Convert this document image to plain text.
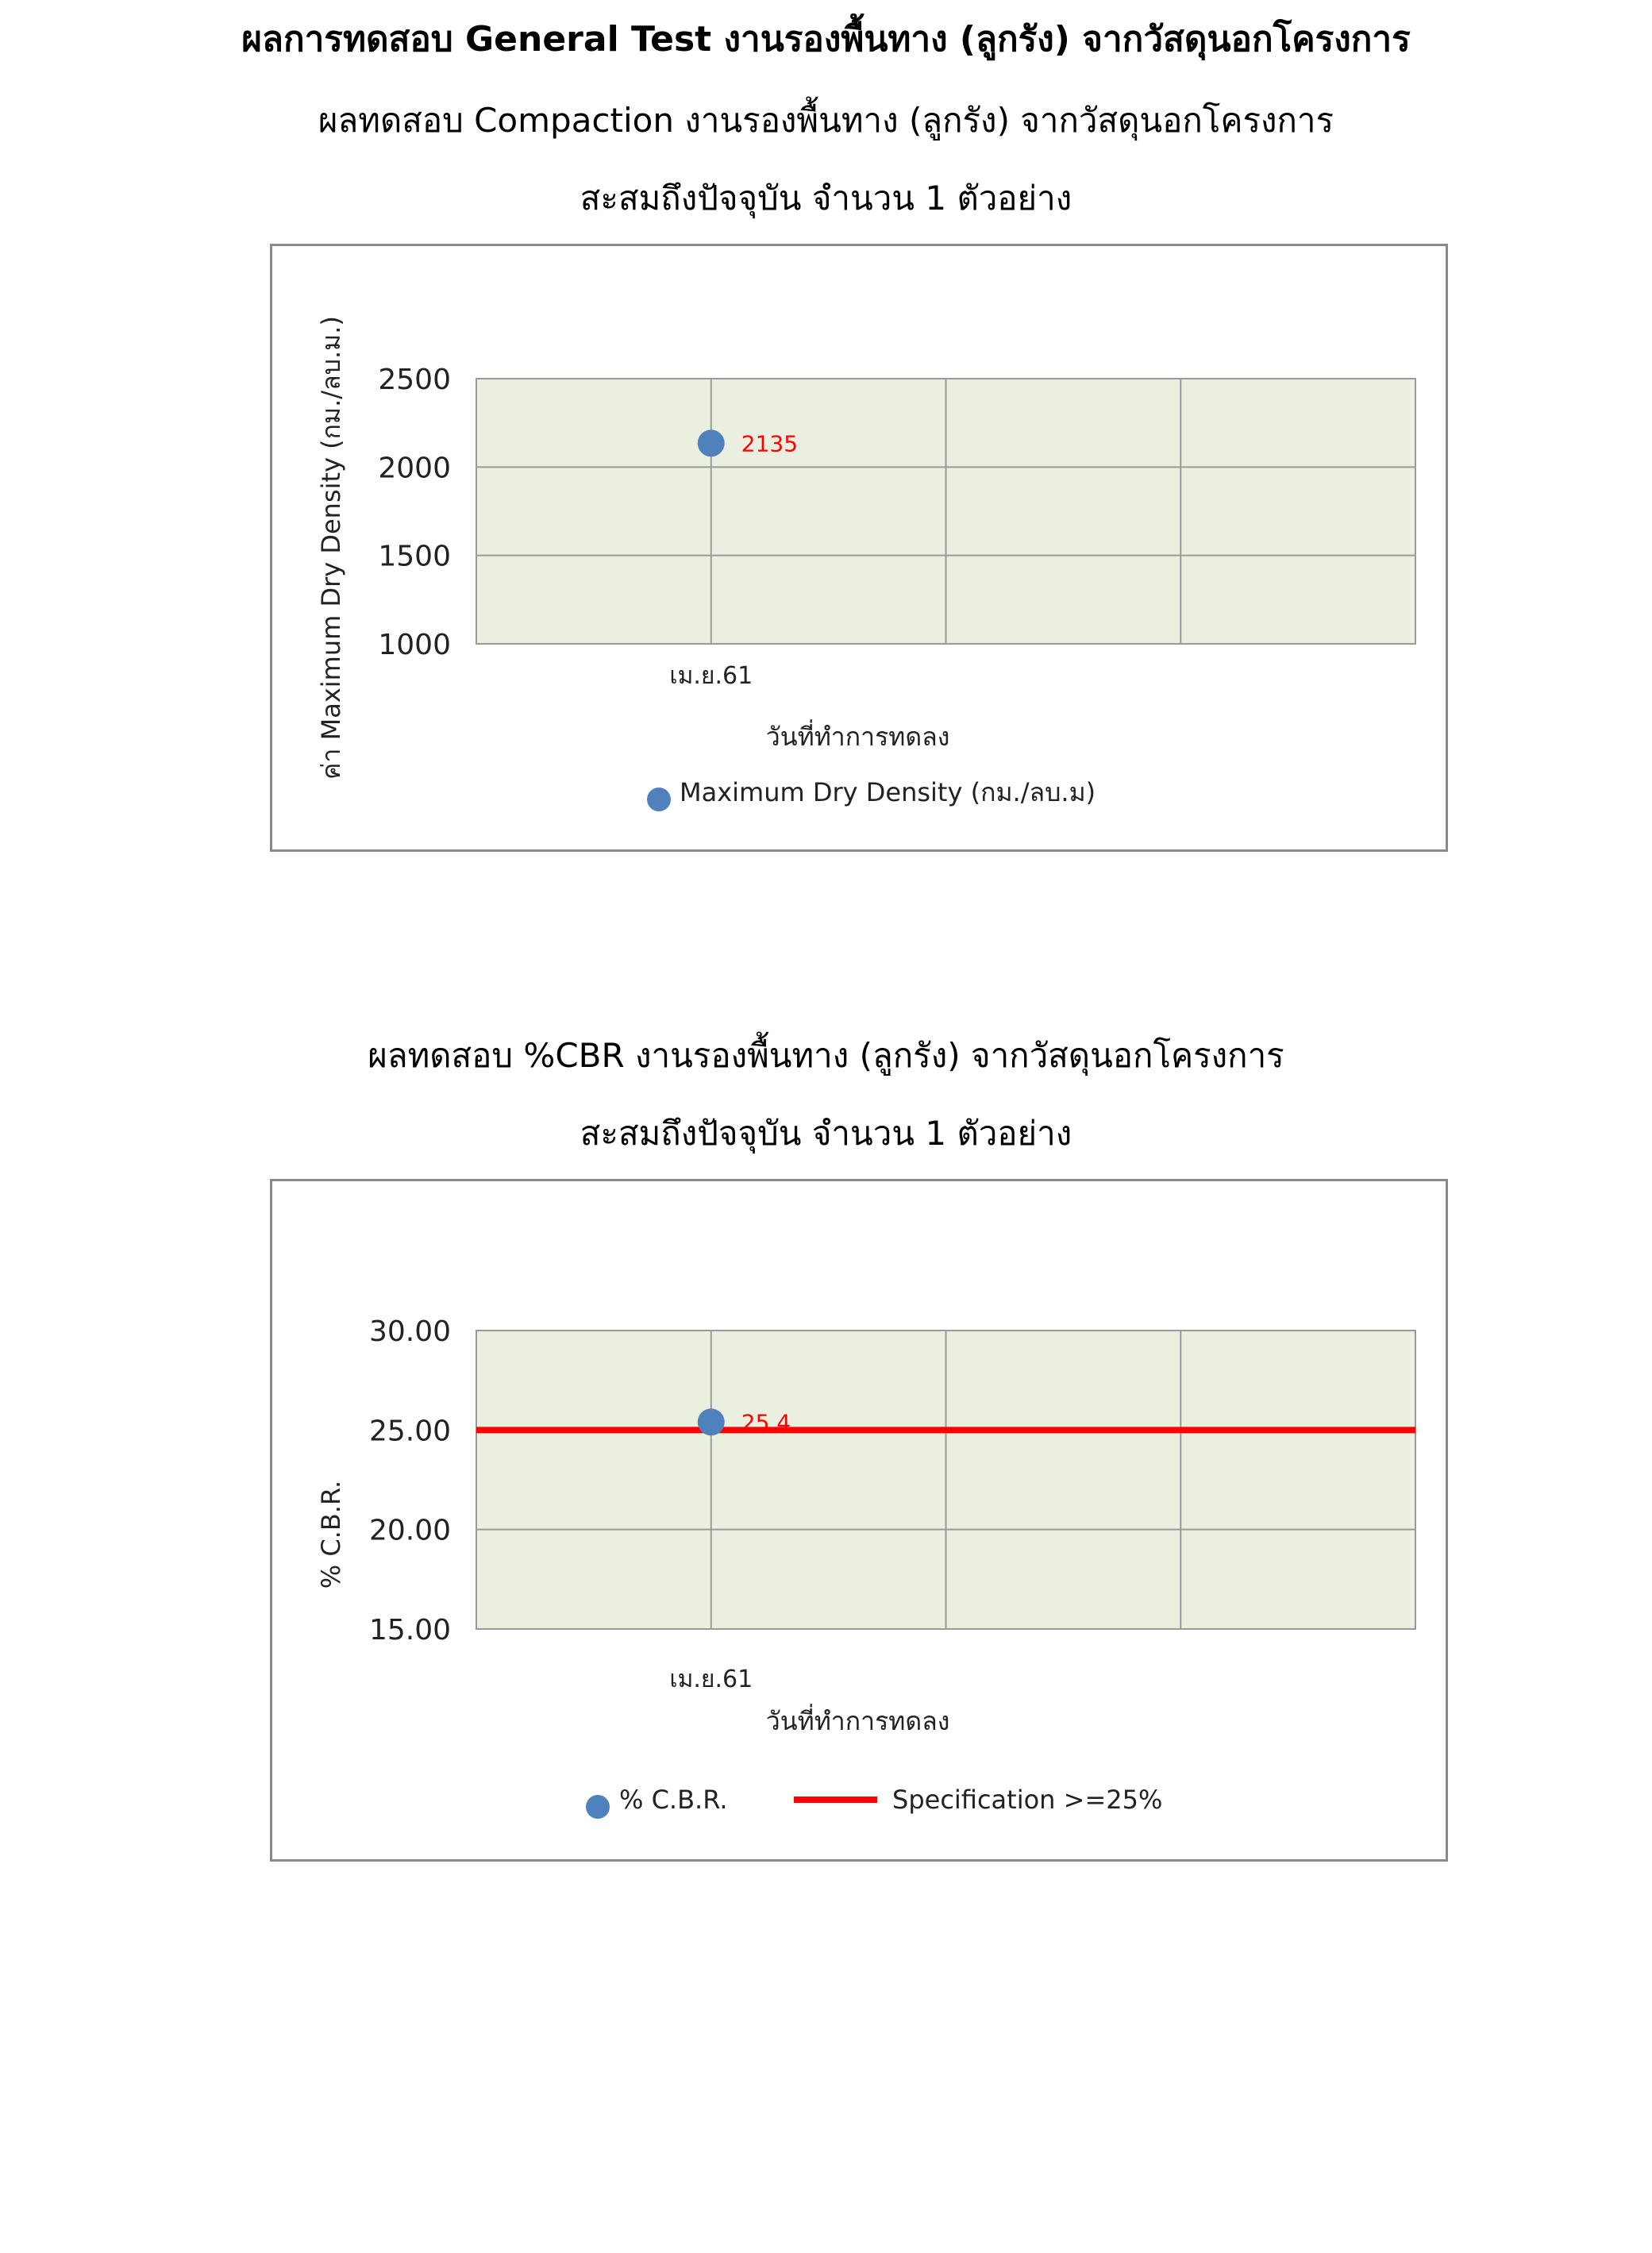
ผลการทดสอบ General Test งานรองพื้นทาง (ลูกรัง) จากวัสดุนอกโครงการ
ผลทดสอบ Compaction งานรองพื้นทาง (ลูกรัง) จากวัสดุนอกโครงการ
สะสมถึงปัจจุบัน จำนวน 1 ตัวอย่าง
2500
2000
1500
1000
ค่า Maximum Dry Density (กม./ลบ.ม.)	เม.ย.61
วันที่ทำการทดลง
2135
Maximum Dry Density (กม./ลบ.ม)
ผลทดสอบ %CBR งานรองพื้นทาง (ลูกรัง) จากวัสดุนอกโครงการ
สะสมถึงปัจจุบัน จำนวน 1 ตัวอย่าง
30.00
25.00
20.00
15.00
% C.B.R.
เม.ย.61
วันที่ทำการทดลง
25.4
% C.B.R.	Specification >=25%
